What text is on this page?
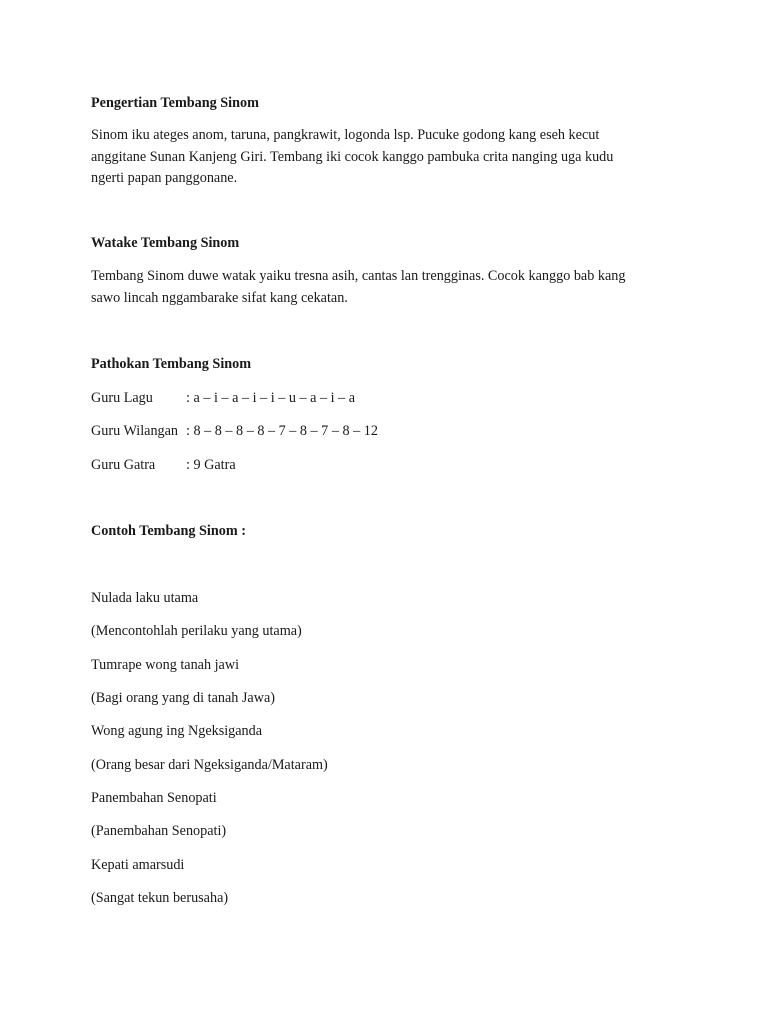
Pengertian Tembang Sinom
Sinom iku ateges anom, taruna, pangkrawit, logonda lsp. Pucuke godong kang eseh kecut
anggitane Sunan Kanjeng Giri. Tembang iki cocok kanggo pambuka crita nanging uga kudu
ngerti papan panggonane.
Watake Tembang Sinom
Tembang Sinom duwe watak yaiku tresna asih, cantas lan trengginas. Cocok kanggo bab kang
sawo lincah nggambarake sifat kang cekatan.
Pathokan Tembang Sinom
Guru Lagu : a – i – a – i – i – u – a – i – a
Guru Wilangan : 8 – 8 – 8 – 8 – 7 – 8 – 7 – 8 – 12
Guru Gatra : 9 Gatra
Contoh Tembang Sinom :
Nulada laku utama
(Mencontohlah perilaku yang utama)
Tumrape wong tanah jawi
(Bagi orang yang di tanah Jawa)
Wong agung ing Ngeksiganda
(Orang besar dari Ngeksiganda/Mataram)
Panembahan Senopati
(Panembahan Senopati)
Kepati amarsudi
(Sangat tekun berusaha)
